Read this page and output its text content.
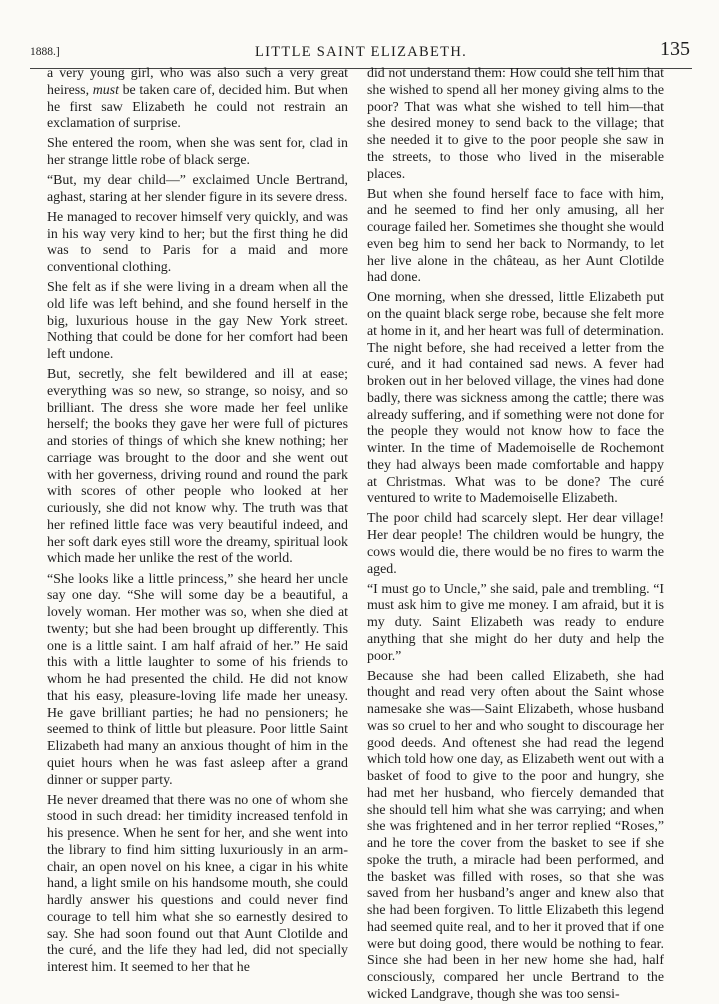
1888.]	LITTLE SAINT ELIZABETH.	135

a very young girl, who was also such a very great heiress, must be taken care of, decided him. But when he first saw Elizabeth he could not restrain an exclamation of surprise.

She entered the room, when she was sent for, clad in her strange little robe of black serge.

“But, my dear child—” exclaimed Uncle Bertrand, aghast, staring at her slender figure in its severe dress.

He managed to recover himself very quickly, and was in his way very kind to her; but the first thing he did was to send to Paris for a maid and more conventional clothing.

She felt as if she were living in a dream when all the old life was left behind, and she found herself in the big, luxurious house in the gay New York street. Nothing that could be done for her comfort had been left undone.

But, secretly, she felt bewildered and ill at ease; everything was so new, so strange, so noisy, and so brilliant. The dress she wore made her feel unlike herself; the books they gave her were full of pictures and stories of things of which she knew nothing; her carriage was brought to the door and she went out with her governess, driving round and round the park with scores of other people who looked at her curiously, she did not know why. The truth was that her refined little face was very beautiful indeed, and her soft dark eyes still wore the dreamy, spiritual look which made her unlike the rest of the world.

“She looks like a little princess,” she heard her uncle say one day. “She will some day be a beautiful, a lovely woman. Her mother was so, when she died at twenty; but she had been brought up differently. This one is a little saint. I am half afraid of her.” He said this with a little laughter to some of his friends to whom he had presented the child. He did not know that his easy, pleasure-loving life made her uneasy. He gave brilliant parties; he had no pensioners; he seemed to think of little but pleasure. Poor little Saint Elizabeth had many an anxious thought of him in the quiet hours when he was fast asleep after a grand dinner or supper party.

He never dreamed that there was no one of whom she stood in such dread: her timidity increased tenfold in his presence. When he sent for her, and she went into the library to find him sitting luxuriously in an arm-chair, an open novel on his knee, a cigar in his white hand, a light smile on his handsome mouth, she could hardly answer his questions and could never find courage to tell him what she so earnestly desired to say. She had soon found out that Aunt Clotilde and the curé, and the life they had led, did not specially interest him. It seemed to her that he

did not understand them: How could she tell him that she wished to spend all her money giving alms to the poor? That was what she wished to tell him—that she desired money to send back to the village; that she needed it to give to the poor people she saw in the streets, to those who lived in the miserable places.

But when she found herself face to face with him, and he seemed to find her only amusing, all her courage failed her. Sometimes she thought she would even beg him to send her back to Normandy, to let her live alone in the château, as her Aunt Clotilde had done.

One morning, when she dressed, little Elizabeth put on the quaint black serge robe, because she felt more at home in it, and her heart was full of determination. The night before, she had received a letter from the curé, and it had contained sad news. A fever had broken out in her beloved village, the vines had done badly, there was sickness among the cattle; there was already suffering, and if something were not done for the people they would not know how to face the winter. In the time of Mademoiselle de Rochemont they had always been made comfortable and happy at Christmas. What was to be done? The curé ventured to write to Mademoiselle Elizabeth.

The poor child had scarcely slept. Her dear village! Her dear people! The children would be hungry, the cows would die, there would be no fires to warm the aged.

“I must go to Uncle,” she said, pale and trembling. “I must ask him to give me money. I am afraid, but it is my duty. Saint Elizabeth was ready to endure anything that she might do her duty and help the poor.”

Because she had been called Elizabeth, she had thought and read very often about the Saint whose namesake she was—Saint Elizabeth, whose husband was so cruel to her and who sought to discourage her good deeds. And oftenest she had read the legend which told how one day, as Elizabeth went out with a basket of food to give to the poor and hungry, she had met her husband, who fiercely demanded that she should tell him what she was carrying; and when she was frightened and in her terror replied “Roses,” and he tore the cover from the basket to see if she spoke the truth, a miracle had been performed, and the basket was filled with roses, so that she was saved from her husband’s anger and knew also that she had been forgiven. To little Elizabeth this legend had seemed quite real, and to her it proved that if one were but doing good, there would be nothing to fear. Since she had been in her new home she had, half consciously, compared her uncle Bertrand to the wicked Landgrave, though she was too sensi-
